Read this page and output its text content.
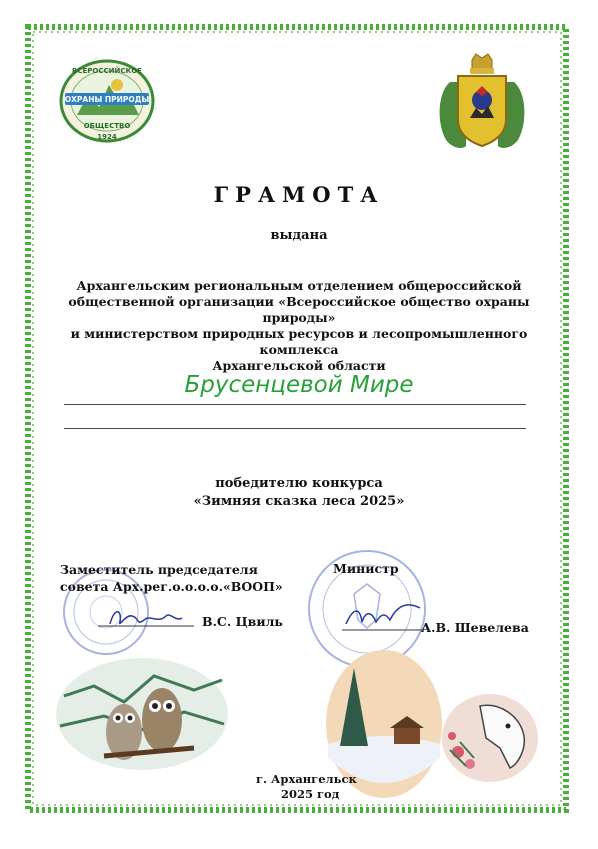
ОХРАНЫ ПРИРОДЫ
ВСЕРОССИЙСКОЕ
ОБЩЕСТВО
1924
ГРАМОТА
выдана
Архангельским региональным отделением общероссийской
общественной организации «Всероссийское общество охраны природы»
и министерством природных ресурсов и лесопромышленного комплекса
Архангельской области
Брусенцевой Мире
победителю конкурса
«Зимняя сказка леса 2025»
Заместитель председателя
совета Арх.рег.о.о.о.о.«ВООП»
В.С. Цвиль
Министр
А.В. Шевелева
г. Архангельск
2025 год
